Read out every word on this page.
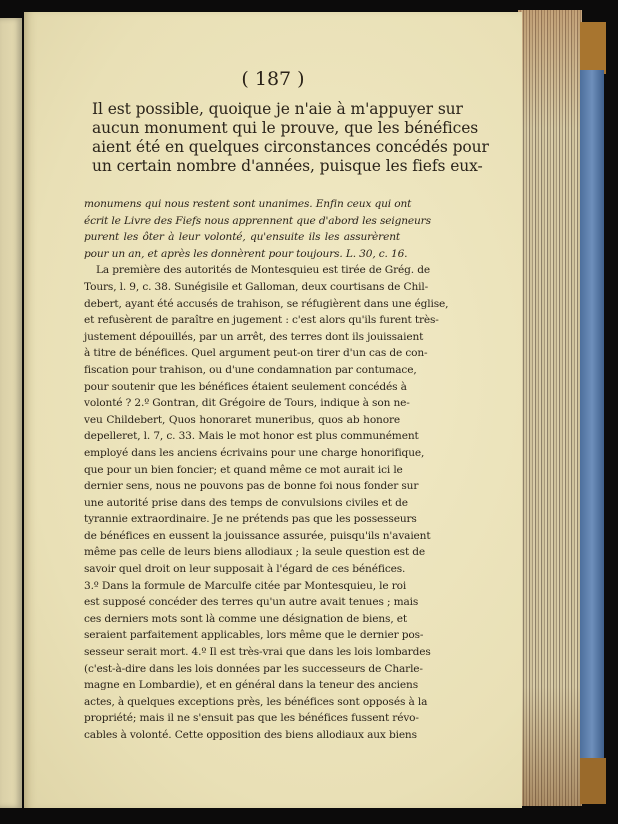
( 187 )
Il est possible, quoique je n'aie à m'appuyer sur
aucun monument qui le prouve, que les bénéfices
aient été en quelques circonstances concédés pour
un certain nombre d'années, puisque les fiefs eux-
monumens qui nous restent sont unanimes. Enfin ceux qui ont
écrit le Livre des Fiefs nous apprennent que d'abord les seigneurs
purent les ôter à leur volonté, qu'ensuite ils les assurèrent
pour un an, et après les donnèrent pour toujours. L. 30, c. 16.
La première des autorités de Montesquieu est tirée de Grég. de
Tours, l. 9, c. 38. Sunégisile et Galloman, deux courtisans de Chil-
debert, ayant été accusés de trahison, se réfugièrent dans une église,
et refusèrent de paraître en jugement : c'est alors qu'ils furent très-
justement dépouillés, par un arrêt, des terres dont ils jouissaient
à titre de bénéfices. Quel argument peut-on tirer d'un cas de con-
fiscation pour trahison, ou d'une condamnation par contumace,
pour soutenir que les bénéfices étaient seulement concédés à
volonté ? 2.º Gontran, dit Grégoire de Tours, indique à son ne-
veu Childebert, Quos honoraret muneribus, quos ab honore
depelleret, l. 7, c. 33. Mais le mot honor est plus communément
employé dans les anciens écrivains pour une charge honorifique,
que pour un bien foncier; et quand même ce mot aurait ici le
dernier sens, nous ne pouvons pas de bonne foi nous fonder sur
une autorité prise dans des temps de convulsions civiles et de
tyrannie extraordinaire. Je ne prétends pas que les possesseurs
de bénéfices en eussent la jouissance assurée, puisqu'ils n'avaient
même pas celle de leurs biens allodiaux ; la seule question est de
savoir quel droit on leur supposait à l'égard de ces bénéfices.
3.º Dans la formule de Marculfe citée par Montesquieu, le roi
est supposé concéder des terres qu'un autre avait tenues ; mais
ces derniers mots sont là comme une désignation de biens, et
seraient parfaitement applicables, lors même que le dernier pos-
sesseur serait mort. 4.º Il est très-vrai que dans les lois lombardes
(c'est-à-dire dans les lois données par les successeurs de Charle-
magne en Lombardie), et en général dans la teneur des anciens
actes, à quelques exceptions près, les bénéfices sont opposés à la
propriété; mais il ne s'ensuit pas que les bénéfices fussent révo-
cables à volonté. Cette opposition des biens allodiaux aux biens
